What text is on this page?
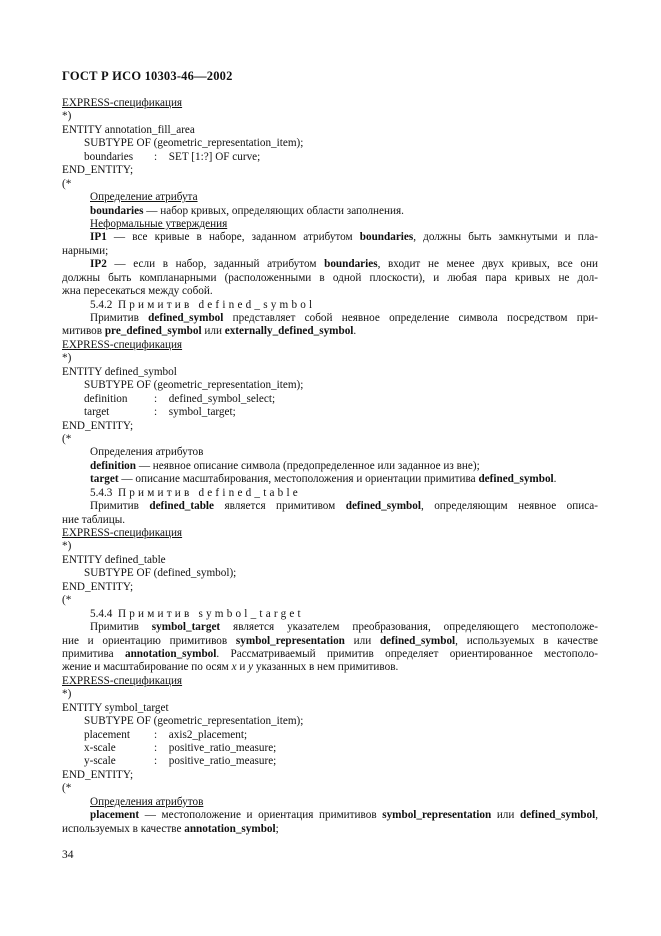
ГОСТ Р ИСО 10303-46—2002
EXPRESS-спецификация
*)
ENTITY annotation_fill_area
SUBTYPE OF (geometric_representation_item);
boundaries : SET [1:?] OF curve;
END_ENTITY;
(*
Определение атрибута
boundaries — набор кривых, определяющих области заполнения.
Неформальные утверждения
IP1 — все кривые в наборе, заданном атрибутом boundaries, должны быть замкнутыми и пла-
нарными;
IP2 — если в набор, заданный атрибутом boundaries, входит не менее двух кривых, все они
должны быть компланарными (расположенными в одной плоскости), и любая пара кривых не дол-
жна пересекаться между собой.
5.4.2 Примитив defined_symbol
Примитив defined_symbol представляет собой неявное определение символа посредством при-
митивов pre_defined_symbol или externally_defined_symbol.
EXPRESS-спецификация
*)
ENTITY defined_symbol
SUBTYPE OF (geometric_representation_item);
definition : defined_symbol_select;
target	: symbol_target;
END_ENTITY;
(*
Определения атрибутов
definition — неявное описание символа (предопределенное или заданное из вне);
target — описание масштабирования, местоположения и ориентации примитива defined_symbol.
5.4.3 Примитив defined_table
Примитив defined_table является примитивом defined_symbol, определяющим неявное описа-
ние таблицы.
EXPRESS-спецификация
*)
ENTITY defined_table
SUBTYPE OF (defined_symbol);
END_ENTITY;
(*
5.4.4 Примитив symbol_target
Примитив symbol_target является указателем преобразования, определяющего местоположе-
ние и ориентацию примитивов symbol_representation или defined_symbol, используемых в качестве
примитива annotation_symbol. Рассматриваемый примитив определяет ориентированное местополо-
жение и масштабирование по осям x и y указанных в нем примитивов.
EXPRESS-спецификация
*)
ENTITY symbol_target
SUBTYPE OF (geometric_representation_item);
placement : axis2_placement;
x-scale	: positive_ratio_measure;
y-scale	: positive_ratio_measure;
END_ENTITY;
(*
Определения атрибутов
placement — местоположение и ориентация примитивов symbol_representation или defined_symbol,
используемых в качестве annotation_symbol;
34
